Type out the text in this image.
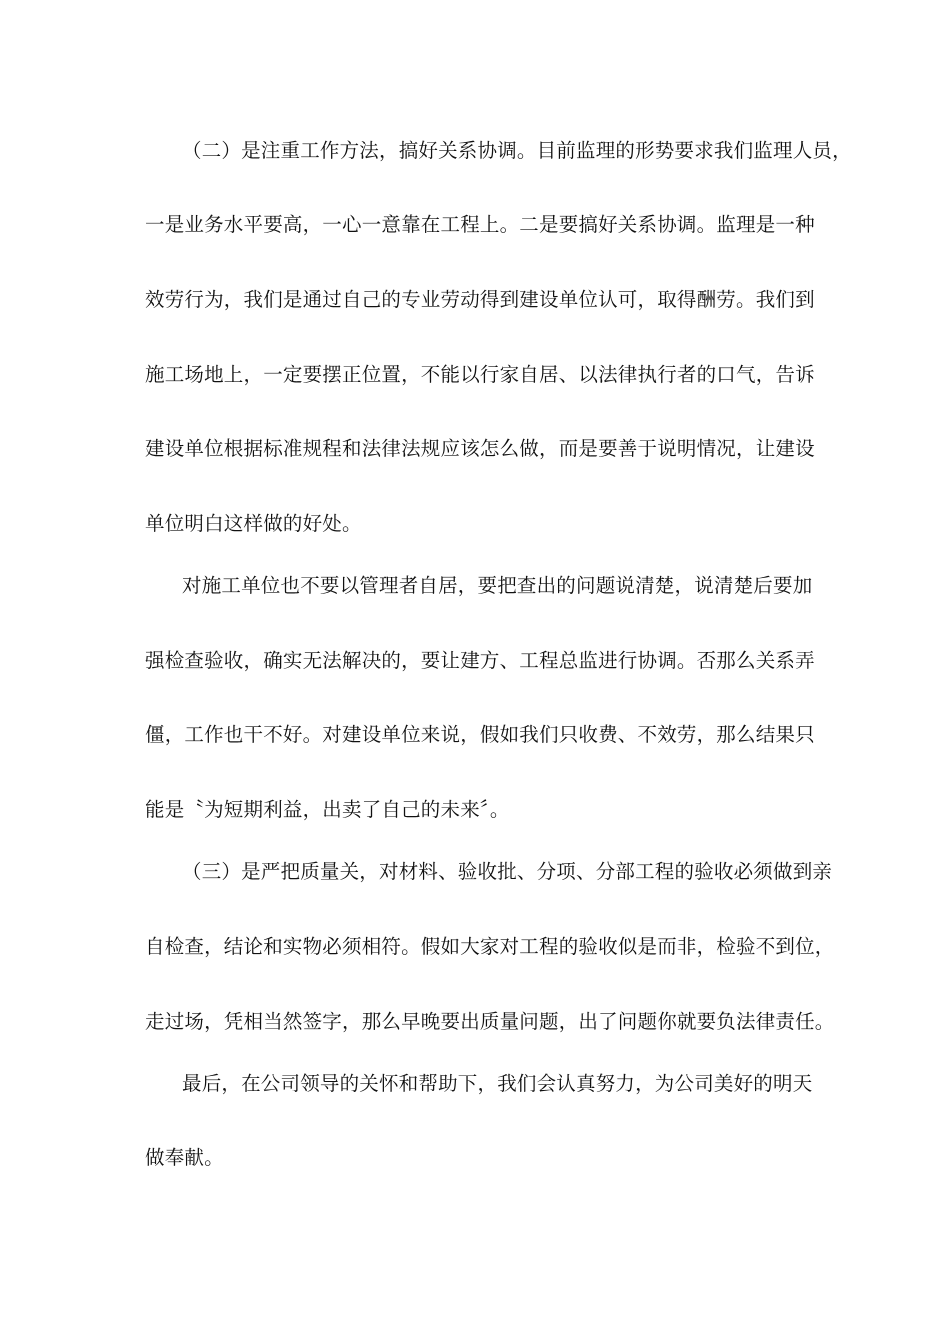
（二）是注重工作方法，搞好关系协调。目前监理的形势要求我们监理人员，
一是业务水平要高，一心一意靠在工程上。二是要搞好关系协调。监理是一种
效劳行为，我们是通过自己的专业劳动得到建设单位认可，取得酬劳。我们到
施工场地上，一定要摆正位置，不能以行家自居、以法律执行者的口气，告诉
建设单位根据标准规程和法律法规应该怎么做，而是要善于说明情况，让建设
单位明白这样做的好处。
对施工单位也不要以管理者自居，要把查出的问题说清楚，说清楚后要加
强检查验收，确实无法解决的，要让建方、工程总监进行协调。否那么关系弄
僵，工作也干不好。对建设单位来说，假如我们只收费、不效劳，那么结果只
能是〝为短期利益，出卖了自己的未来〞。
（三）是严把质量关，对材料、验收批、分项、分部工程的验收必须做到亲
自检查，结论和实物必须相符。假如大家对工程的验收似是而非，检验不到位，
走过场，凭相当然签字，那么早晚要出质量问题，出了问题你就要负法律责任。
最后，在公司领导的关怀和帮助下，我们会认真努力，为公司美好的明天
做奉献。
